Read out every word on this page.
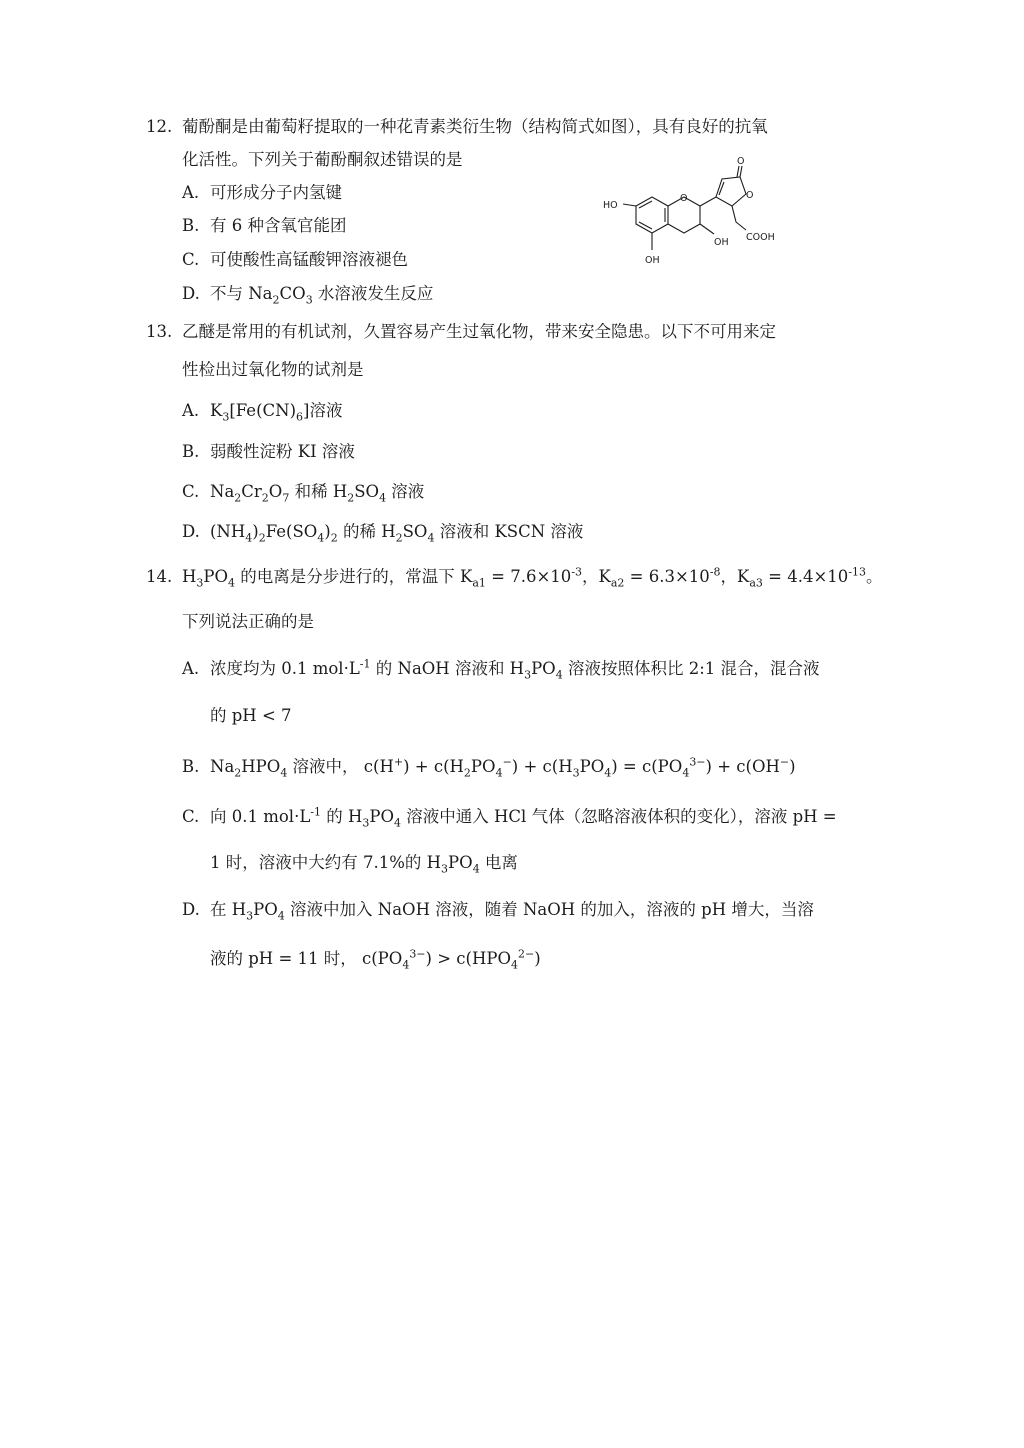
12. 葡酚酮是由葡萄籽提取的一种花青素类衍生物（结构简式如图），具有良好的抗氧
化活性。下列关于葡酚酮叙述错误的是
A. 可形成分子内氢键
B. 有 6 种含氧官能团
C. 可使酸性高锰酸钾溶液褪色
D. 不与 $Na_2CO_3$ 水溶液发生反应
O
HO
O	O
OH COOH
OH
13. 乙醚是常用的有机试剂，久置容易产生过氧化物，带来安全隐患。以下不可用来定
性检出过氧化物的试剂是
A. $K_3[Fe(CN)_6]$溶液
B. 弱酸性淀粉 KI 溶液
C. $Na_2Cr_2O_7$ 和稀 $H_2SO_4$ 溶液
D. $(NH_4)_2Fe(SO_4)_2$ 的稀 $H_2SO_4$ 溶液和 KSCN 溶液
14. $H_3PO_4$ 的电离是分步进行的，常温下 $K_{a1} = 7.6\times 10^{-3}$，$K_{a2} = 6.3\times 10^{-8}$，$K_{a3} = 4.4\times 10^{-13}$。
下列说法正确的是
A. 浓度均为 0.1 $mol\cdot L^{-1}$ 的 NaOH 溶液和 $H_3PO_4$ 溶液按照体积比 2:1 混合，混合液
的 pH < 7
B. $Na_2HPO_4$ 溶液中， $c(H^+) + c(H_2PO_4^-) + c(H_3PO_4) = c(PO_4^{3-}) + c(OH^-)$
C. 向 0.1 $mol\cdot L^{-1}$ 的 $H_3PO_4$ 溶液中通入 HCl 气体（忽略溶液体积的变化），溶液 pH =
1 时，溶液中大约有 7.1%的 $H_3PO_4$ 电离
D. 在 $H_3PO_4$ 溶液中加入 NaOH 溶液，随着 NaOH 的加入，溶液的 pH 增大，当溶
液的 pH = 11 时， $c(PO_4^{3-}) > c(HPO_4^{2-})$
